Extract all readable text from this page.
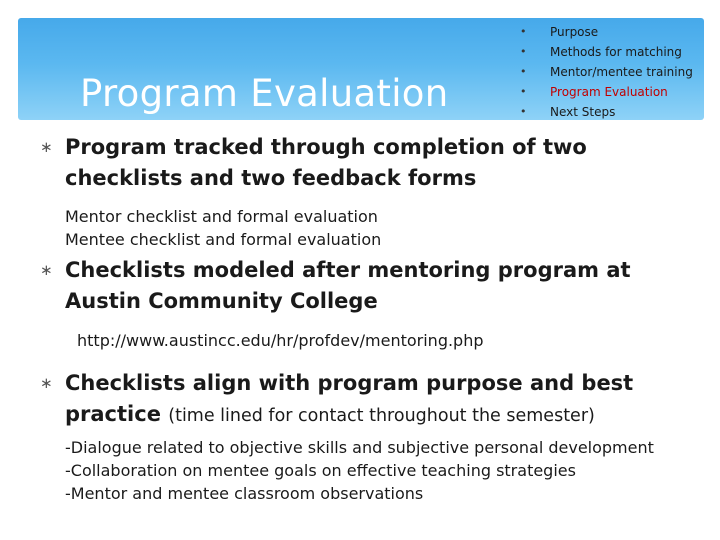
Program Evaluation
• Purpose
• Methods for matching
• Mentor/mentee training
• Program Evaluation
• Next Steps
∗ Program tracked through completion of two checklists and two feedback forms
Mentor checklist and formal evaluation
Mentee checklist and formal evaluation
∗ Checklists modeled after mentoring program at Austin Community College
http://www.austincc.edu/hr/profdev/mentoring.php
∗ Checklists align with program purpose and best practice (time lined for contact throughout the semester)
-Dialogue related to objective skills and subjective personal development
-Collaboration on mentee goals on effective teaching strategies
-Mentor and mentee classroom observations
